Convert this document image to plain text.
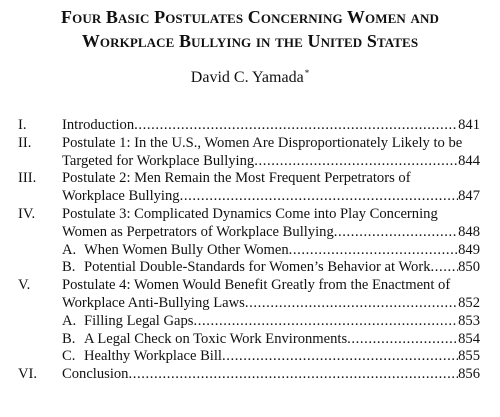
Four Basic Postulates Concerning Women and
Workplace Bullying in the United States
David C. Yamada*
I.	Introduction .....	841
II.	Postulate 1: In the U.S., Women Are Disproportionately Likely to be
Targeted for Workplace Bullying .....	844
III.	Postulate 2: Men Remain the Most Frequent Perpetrators of
Workplace Bullying .....	847
IV.	Postulate 3: Complicated Dynamics Come into Play Concerning
Women as Perpetrators of Workplace Bullying .....	848
A. When Women Bully Other Women .....	849
B. Potential Double-Standards for Women’s Behavior at Work ..... 850
V.	Postulate 4: Women Would Benefit Greatly from the Enactment of
Workplace Anti-Bullying Laws .....	852
A. Filling Legal Gaps .....	853
B. A Legal Check on Toxic Work Environments .....	854
C. Healthy Workplace Bill .....	855
VI.	Conclusion .....	856
